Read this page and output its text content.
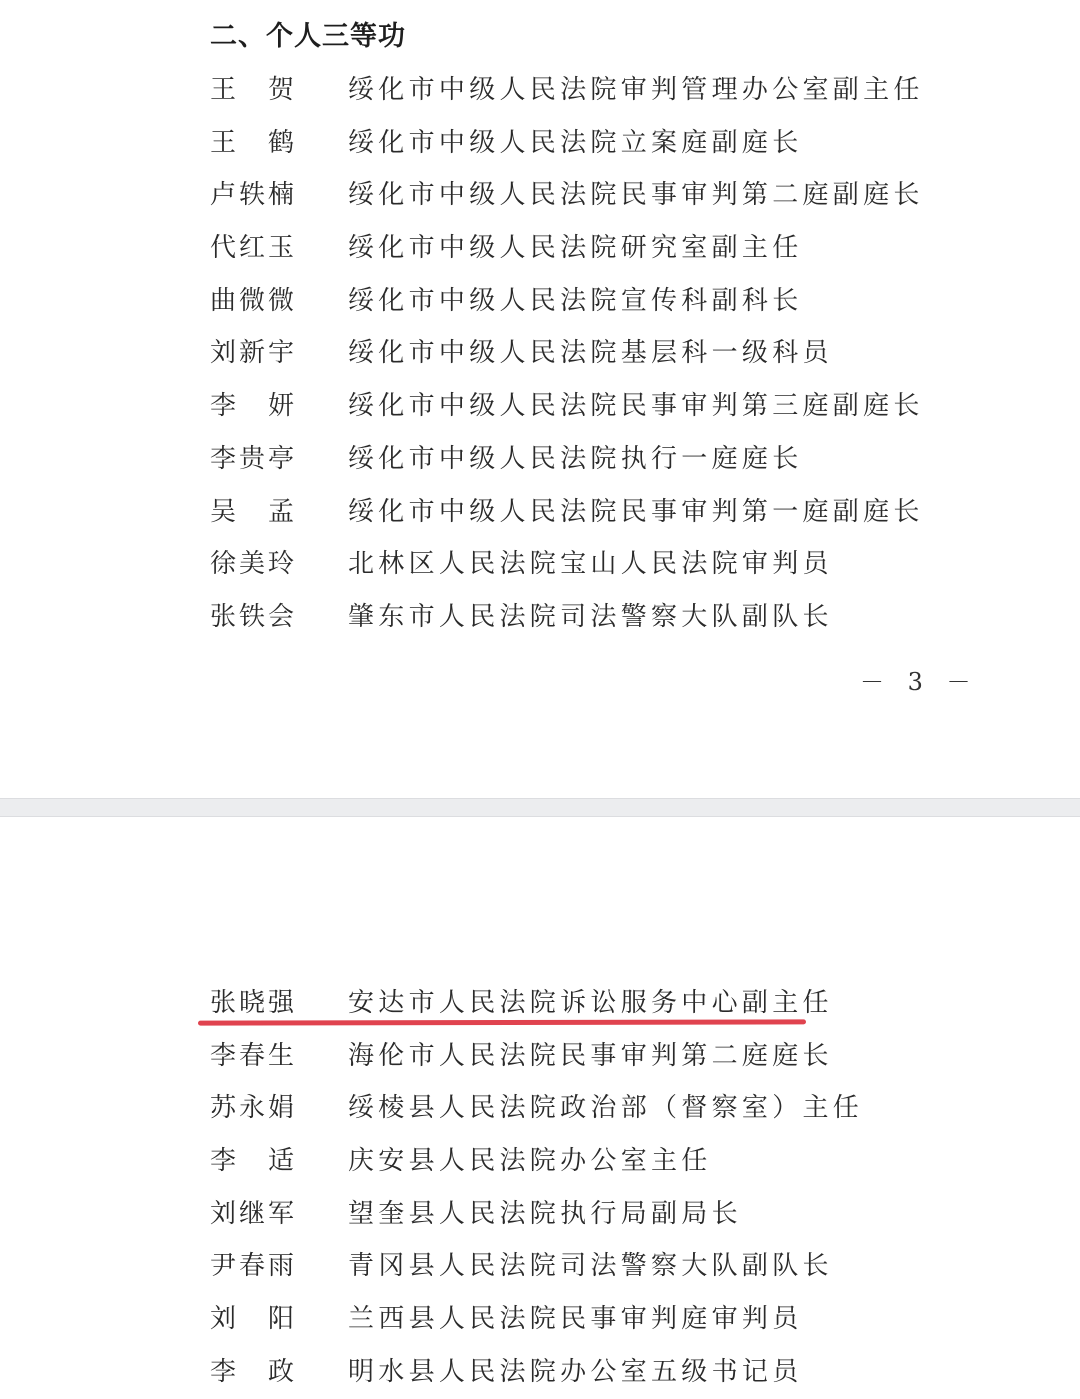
二、个人三等功
王　贺	绥化市中级人民法院审判管理办公室副主任
王　鹤	绥化市中级人民法院立案庭副庭长
卢轶楠	绥化市中级人民法院民事审判第二庭副庭长
代红玉	绥化市中级人民法院研究室副主任
曲微微	绥化市中级人民法院宣传科副科长
刘新宇	绥化市中级人民法院基层科一级科员
李　妍	绥化市中级人民法院民事审判第三庭副庭长
李贵亭	绥化市中级人民法院执行一庭庭长
吴　孟	绥化市中级人民法院民事审判第一庭副庭长
徐美玲	北林区人民法院宝山人民法院审判员
张铁会	肇东市人民法院司法警察大队副队长
－ 3 －
张晓强	安达市人民法院诉讼服务中心副主任
李春生	海伦市人民法院民事审判第二庭庭长
苏永娟	绥棱县人民法院政治部（督察室）主任
李　适	庆安县人民法院办公室主任
刘继军	望奎县人民法院执行局副局长
尹春雨	青冈县人民法院司法警察大队副队长
刘　阳	兰西县人民法院民事审判庭审判员
李　政	明水县人民法院办公室五级书记员
